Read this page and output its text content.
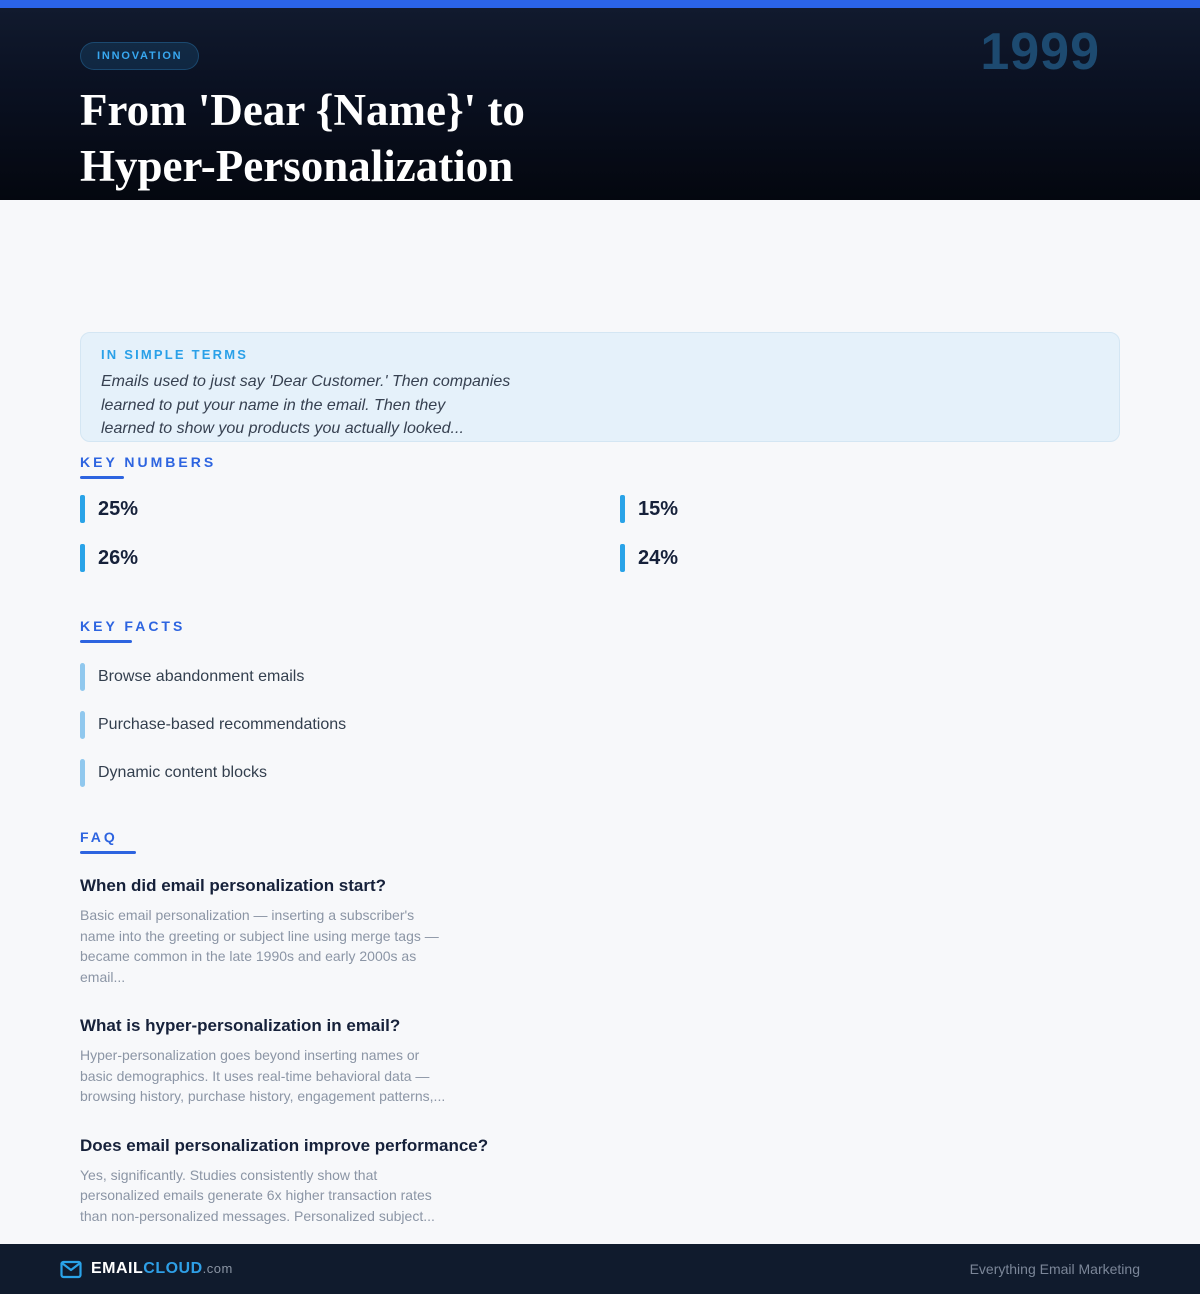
INNOVATION
From 'Dear {Name}' to
Hyper-Personalization
1999
IN SIMPLE TERMS
Emails used to just say 'Dear Customer.' Then companies
learned to put your name in the email. Then they
learned to show you products you actually looked...
KEY NUMBERS
25%	15%
26%	24%
KEY FACTS
Browse abandonment emails
Purchase-based recommendations
Dynamic content blocks
FAQ
When did email personalization start?
Basic email personalization — inserting a subscriber's name into the greeting or subject line using merge tags — became common in the late 1990s and early 2000s as email...
What is hyper-personalization in email?
Hyper-personalization goes beyond inserting names or basic demographics. It uses real-time behavioral data — browsing history, purchase history, engagement patterns,...
Does email personalization improve performance?
Yes, significantly. Studies consistently show that personalized emails generate 6x higher transaction rates than non-personalized messages. Personalized subject...
EMAILCLOUD.com	Everything Email Marketing
